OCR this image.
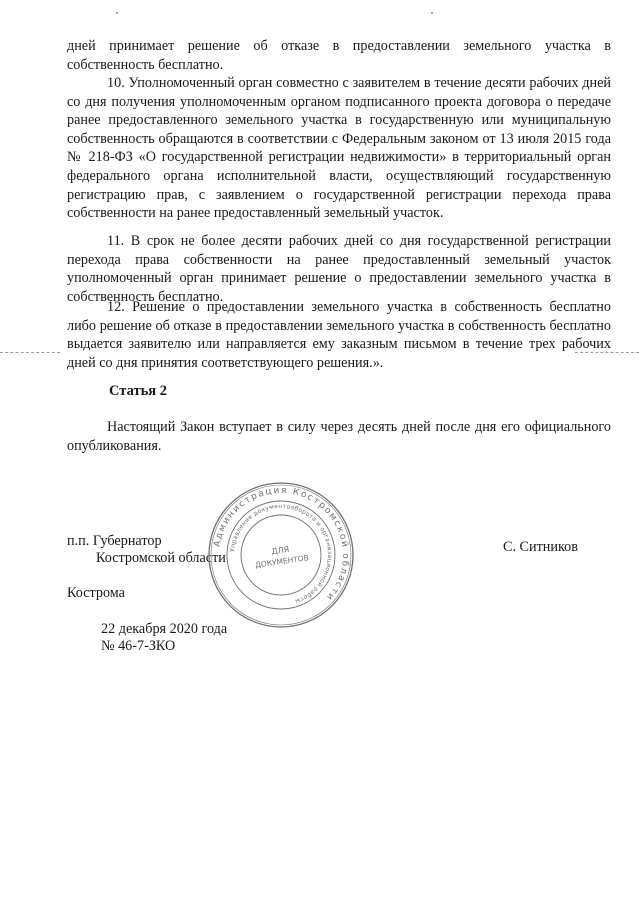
дней принимает решение об отказе в предоставлении земельного участка в собственность бесплатно.

10. Уполномоченный орган совместно с заявителем в течение десяти рабочих дней со дня получения уполномоченным органом подписанного проекта договора о передаче ранее предоставленного земельного участка в государственную или муниципальную собственность обращаются в соответствии с Федеральным законом от 13 июля 2015 года № 218-ФЗ «О государственной регистрации недвижимости» в территориальный орган федерального органа исполнительной власти, осуществляющий государственную регистрацию прав, с заявлением о государственной регистрации перехода права собственности на ранее предоставленный земельный участок.

11. В срок не более десяти рабочих дней со дня государственной регистрации перехода права собственности на ранее предоставленный земельный участок уполномоченный орган принимает решение о предоставлении земельного участка в собственность бесплатно.

12. Решение о предоставлении земельного участка в собственность бесплатно либо решение об отказе в предоставлении земельного участка в собственность бесплатно выдается заявителю или направляется ему заказным письмом в течение трех рабочих дней со дня принятия соответствующего решения.».

Статья 2

Настоящий Закон вступает в силу через десять дней после дня его официального опубликования.

п.п. Губернатор
Костромской области
С. Ситников
Администрация Костромской области
Управление документооборота и организационной работы
ДЛЯ
ДОКУМЕНТОВ
Кострома
22 декабря 2020 года
№ 46-7-ЗКО
